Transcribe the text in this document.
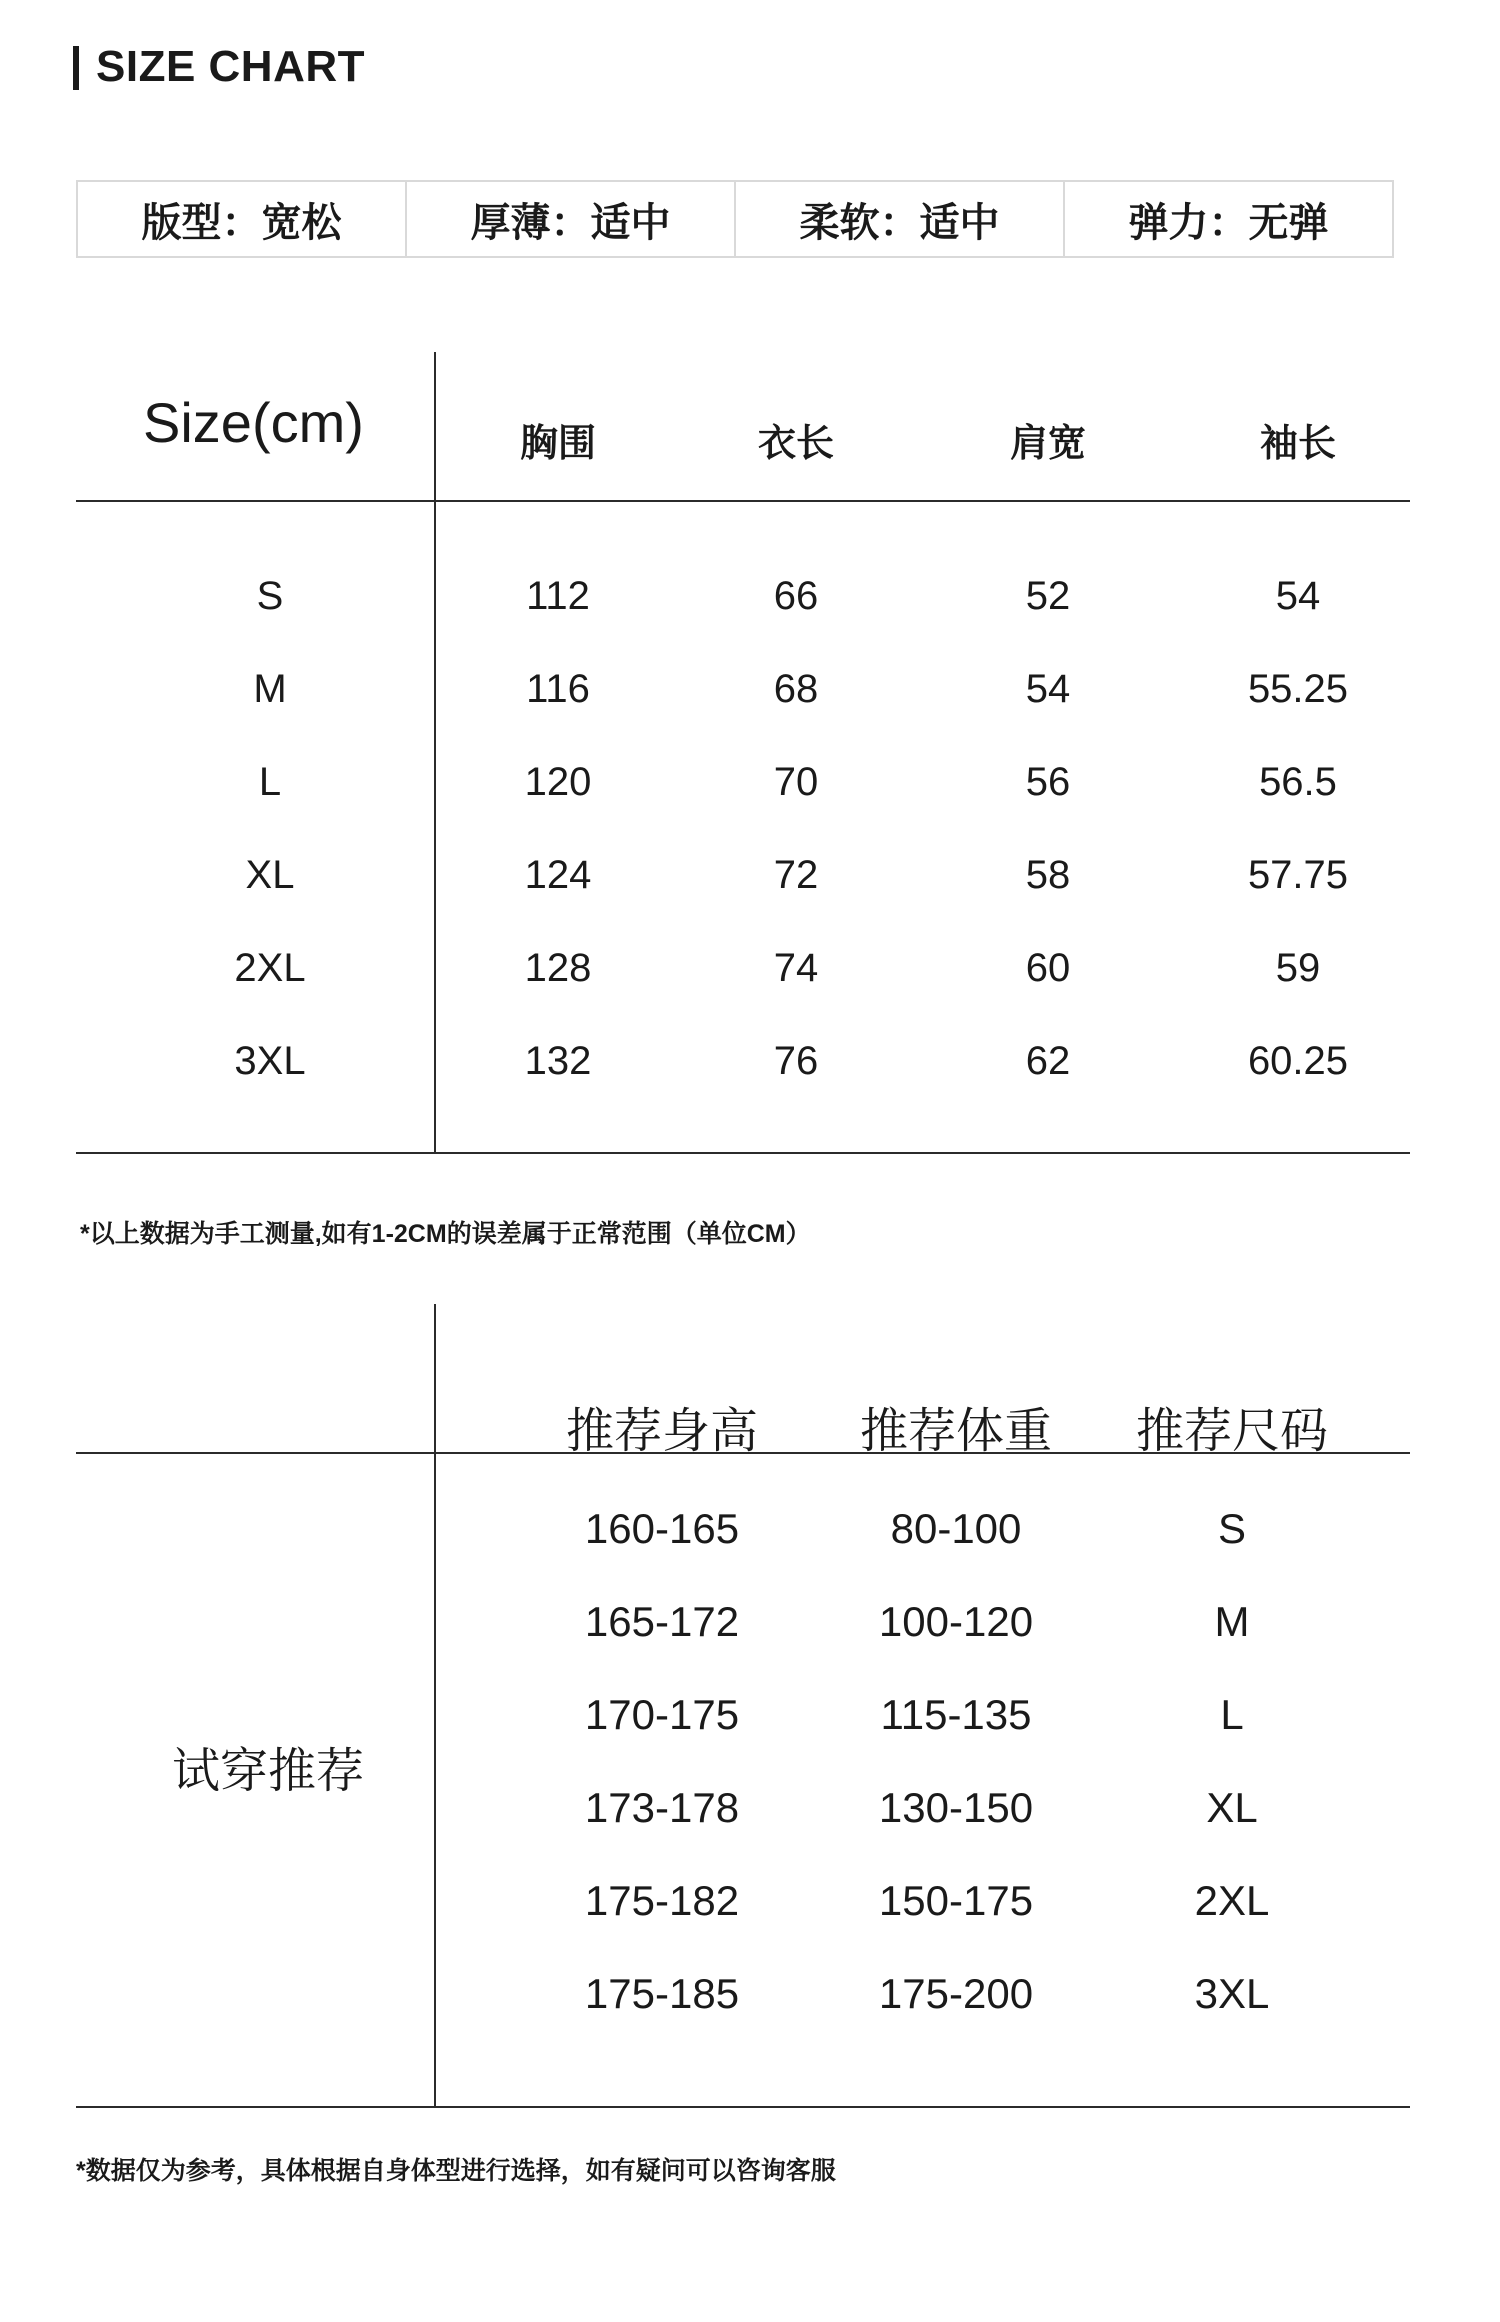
SIZE CHART
版型：宽松	厚薄：适中	柔软：适中	弹力：无弹
Size(cm)	胸围	衣长	肩宽	袖长
S	112	66	52	54
M	116	68	54	55.25
L	120	70	56	56.5
XL	124	72	58	57.75
2XL	128	74	60	59
3XL	132	76	62	60.25
*以上数据为手工测量,如有1-2CM的误差属于正常范围（单位CM）
推荐身高	推荐体重	推荐尺码
试穿推荐
160-165	80-100	S
165-172	100-120	M
170-175	115-135	L
173-178	130-150	XL
175-182	150-175	2XL
175-185	175-200	3XL
*数据仅为参考，具体根据自身体型进行选择，如有疑问可以咨询客服
